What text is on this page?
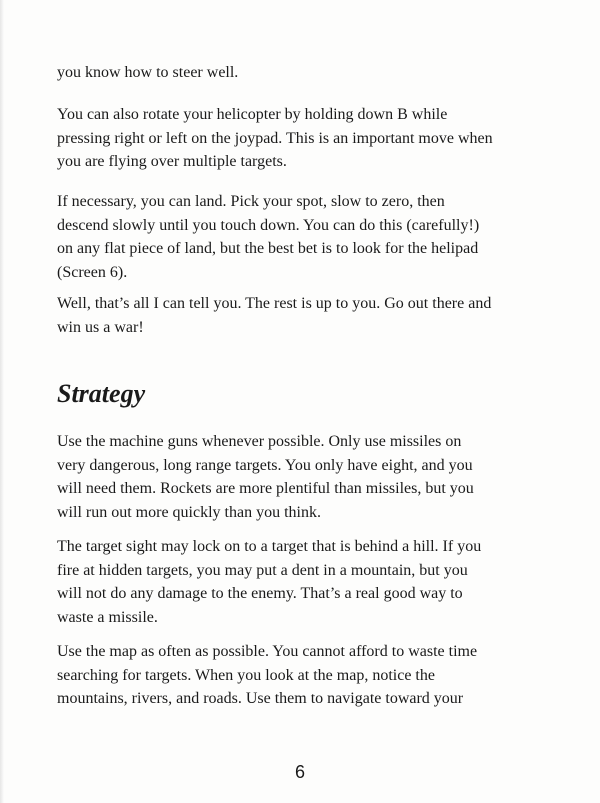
you know how to steer well.

You can also rotate your helicopter by holding down B while
pressing right or left on the joypad. This is an important move when
you are flying over multiple targets.

If necessary, you can land. Pick your spot, slow to zero, then
descend slowly until you touch down. You can do this (carefully!)
on any flat piece of land, but the best bet is to look for the helipad
(Screen 6).

Well, that’s all I can tell you. The rest is up to you. Go out there and
win us a war!

Strategy

Use the machine guns whenever possible. Only use missiles on
very dangerous, long range targets. You only have eight, and you
will need them. Rockets are more plentiful than missiles, but you
will run out more quickly than you think.

The target sight may lock on to a target that is behind a hill. If you
fire at hidden targets, you may put a dent in a mountain, but you
will not do any damage to the enemy. That’s a real good way to
waste a missile.

Use the map as often as possible. You cannot afford to waste time
searching for targets. When you look at the map, notice the
mountains, rivers, and roads. Use them to navigate toward your

6
